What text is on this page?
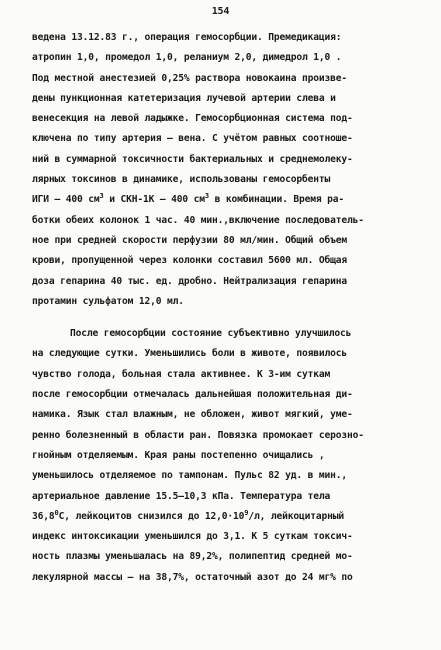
154
ведена 13.12.83 г., операция гемосорбции. Премедикация:
атропин 1,0, промедол 1,0, реланиум 2,0, димедрол 1,0 .
Под местной анестезией 0,25% раствора новокаина произве-
дены пункционная катетеризация лучевой артерии слева и
венесекция на левой ладыжке. Гемосорбционная система под-
ключена по типу артерия – вена. С учётом равных соотноше-
ний в суммарной токсичности бактериальных и среднемолеку-
лярных токсинов в динамике, использованы гемосорбенты
ИГИ – 400 $см^3$ и СКН-1К – 400 $см^3$ в комбинации. Время ра-
ботки обеих колонок 1 час. 40 мин.,включение последователь-
ное при средней скорости перфузии 80 мл/мин. Общий объем
крови, пропущенной через колонки составил 5600 мл. Общая
доза гепарина 40 тыс. ед. дробно. Нейтрализация гепарина
протамин сульфатом 12,0 мл.
После гемосорбции состояние субъективно улучшилось
на следующие сутки. Уменьшились боли в животе, появилось
чувство голода, больная стала активнее. К 3-им суткам
после гемосорбции отмечалась дальнейшая положительная ди-
намика. Язык стал влажным, не обложен, живот мягкий, уме-
ренно болезненный в области ран. Повязка промокает серозно-
гнойным отделяемым. Края раны постепенно очищались ,
уменьшилось отделяемое по тампонам. Пульс 82 уд. в мин.,
артериальное давление 15.5–10,3 кПа. Температура тела
36,8$^0$С, лейкоцитов снизился до $12,0\cdot 10^9/л$, лейкоцитарный
индекс интоксикации уменьшился до 3,1. К 5 суткам токсич-
ность плазмы уменьшалась на 89,2%, полипептид средней мо-
лекулярной массы – на 38,7%, остаточный азот до 24 мг% по
